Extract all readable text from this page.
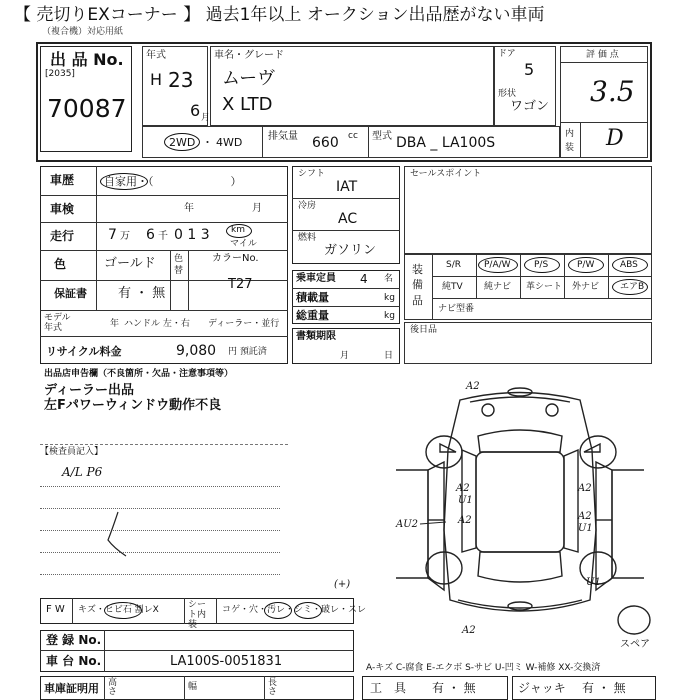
【 売切りEXコーナー 】 過去1年以上 オークション出品歴がない車両
（複合機）対応用紙
出 品 No.
[2035]
70087
年式
H 23
6 月
車名・グレード
ムーヴ
X LTD
ドア
5
形状
ワゴン
評 価 点
3.5
内装 D
2WD ・ 4WD	排気量 660 cc 型式 DBA _ LA100S
車歴	自家用・（　　　　　　　）
車検	年	月
走行 7 万 6 千 0 1 3 km
マイル
色	ゴールド 色替
カラーNo.
T27
保証書 有 ・ 無
モデル年式	年 ハンドル 左・右 ディーラー・並行
リサイクル料金	9,080 円 預託済
シフト
IAT
冷房
AC
燃料
ガソリン
乗車定員 4 名
積載量	kg
総重量	kg
書類期限
月	日
セールスポイント
装備品
S/R	P/A/W	P/S	P/W	ABS
純TV 純ナビ 革シート 外ナビ エアB
ナビ型番
後日品
出品店申告欄（不良箇所・欠品・注意事項等）
ディーラー出品
左Fパワーウィンドウ動作不良
【検査員記入】
A/L P6
A2
A2	A2
U1
A2
U1
AU2	A2
U1
(+)
A2
スペア
F W キズ・ヒビ石 割レX	シート内装
コゲ・穴・汚レ・シミ・破レ・スレ
登 録 No.
車 台 No.	LA100S-0051831	A-キズ C-腐食 E-エクボ S-サビ U-凹ミ W-補修 XX-交換済
車庫証明用 高さ	幅	長さ	工　具 有 ・ 無	ジャッキ 有 ・ 無
